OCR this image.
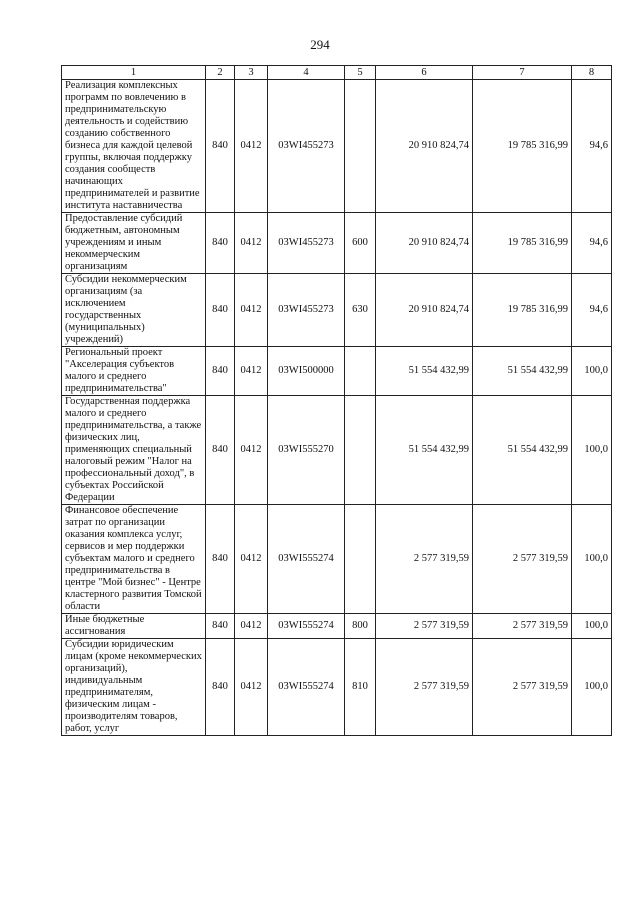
294
1	2	3	4	5	6	7	8
Реализация комплексных программ по вовлечению в предпринимательскую деятельность и содействию созданию собственного бизнеса для каждой целевой группы, включая поддержку создания сообществ начинающих предпринимателей и развитие института наставничества	840	0412	03WI455273		20 910 824,74	19 785 316,99	94,6
Предоставление субсидий бюджетным, автономным учреждениям и иным некоммерческим организациям	840	0412	03WI455273	600	20 910 824,74	19 785 316,99	94,6
Субсидии некоммерческим организациям (за исключением государственных (муниципальных) учреждений)	840	0412	03WI455273	630	20 910 824,74	19 785 316,99	94,6
Региональный проект "Акселерация субъектов малого и среднего предпринимательства"	840	0412	03WI500000		51 554 432,99	51 554 432,99	100,0
Государственная поддержка малого и среднего предпринимательства, а также физических лиц, применяющих специальный налоговый режим "Налог на профессиональный доход", в субъектах Российской Федерации	840	0412	03WI555270		51 554 432,99	51 554 432,99	100,0
Финансовое обеспечение затрат по организации оказания комплекса услуг, сервисов и мер поддержки субъектам малого и среднего предпринимательства в центре "Мой бизнес" - Центре кластерного развития Томской области	840	0412	03WI555274		2 577 319,59	2 577 319,59	100,0
Иные бюджетные ассигнования	840	0412	03WI555274	800	2 577 319,59	2 577 319,59	100,0
Субсидии юридическим лицам (кроме некоммерческих организаций), индивидуальным предпринимателям, физическим лицам - производителям товаров, работ, услуг	840	0412	03WI555274	810	2 577 319,59	2 577 319,59	100,0
